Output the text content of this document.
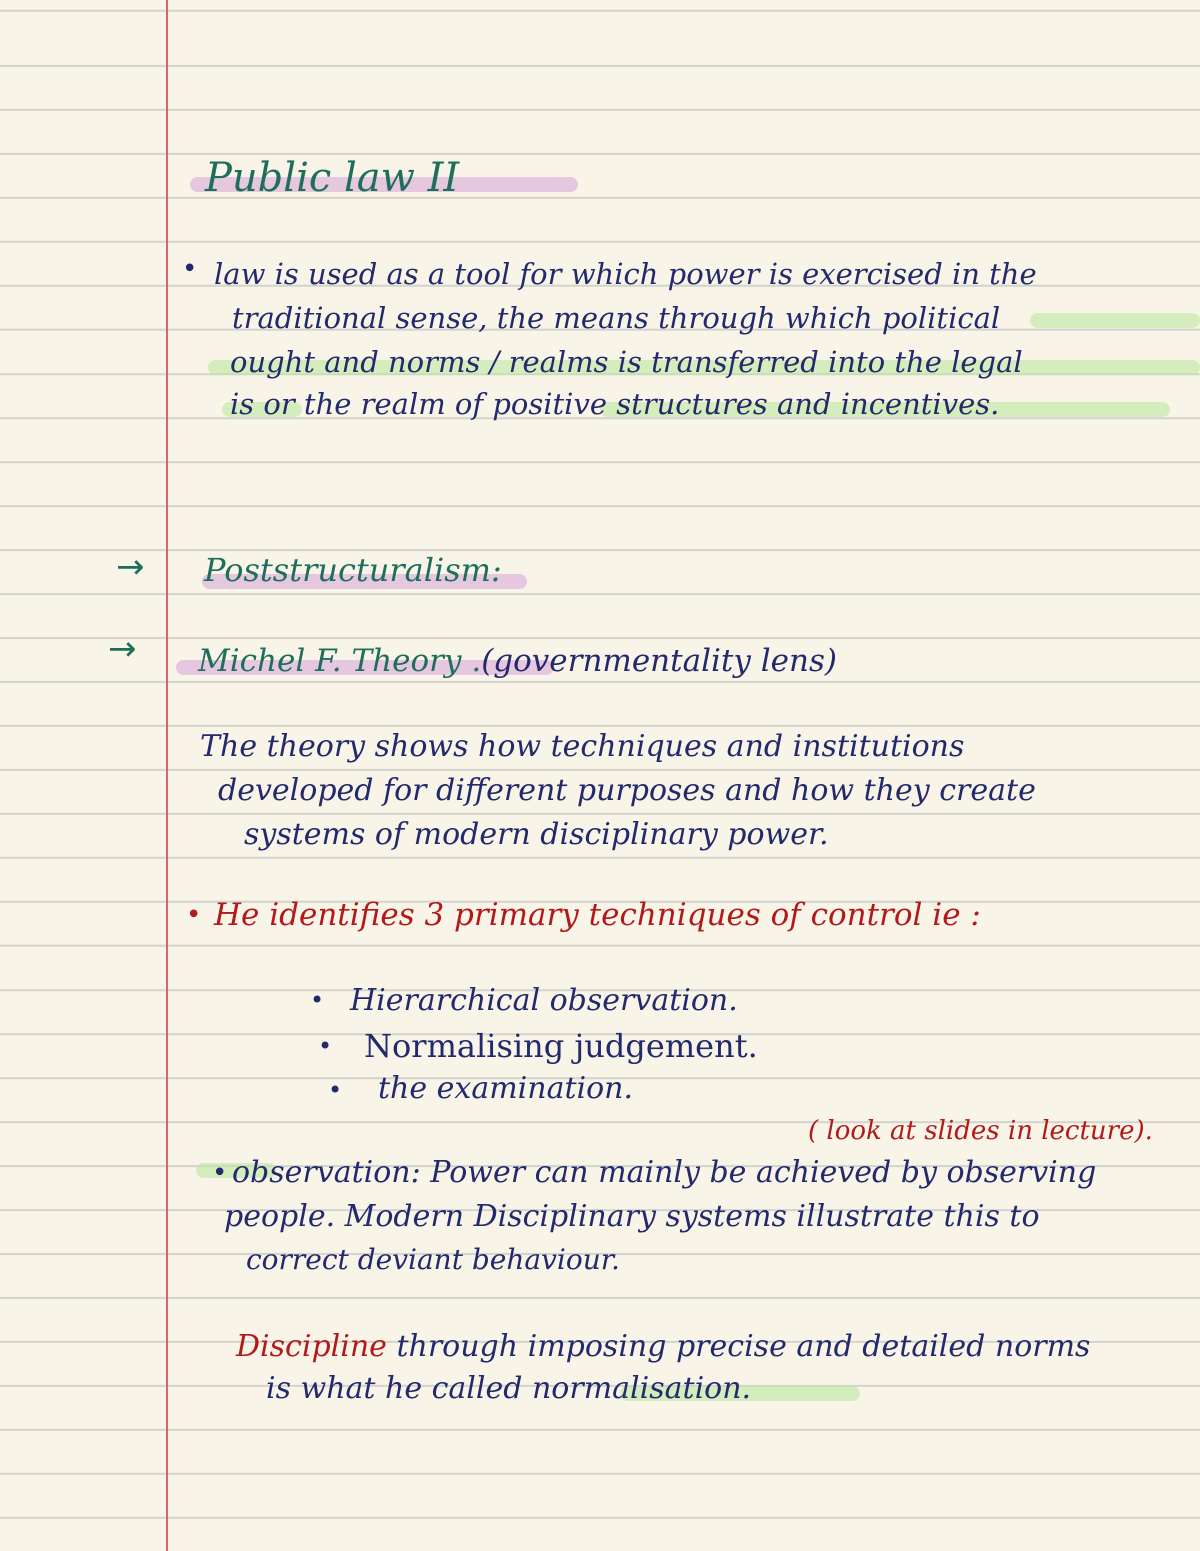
Public law II
• law is used as a tool for which power is exercised in the
traditional sense, the means through which political
ought and norms / realms is transferred into the legal
is or the realm of positive structures and incentives.
→ Poststructuralism:
→ Michel F. Theory .(governmentality lens)
The theory shows how techniques and institutions
developed for different purposes and how they create
systems of modern disciplinary power.
• He identifies 3 primary techniques of control ie :
• Hierarchical observation.
• Normalising judgement.
• the examination.
( look at slides in lecture).
• observation: Power can mainly be achieved by observing
people. Modern Disciplinary systems illustrate this to
correct deviant behaviour.
Discipline through imposing precise and detailed norms
is what he called normalisation.
